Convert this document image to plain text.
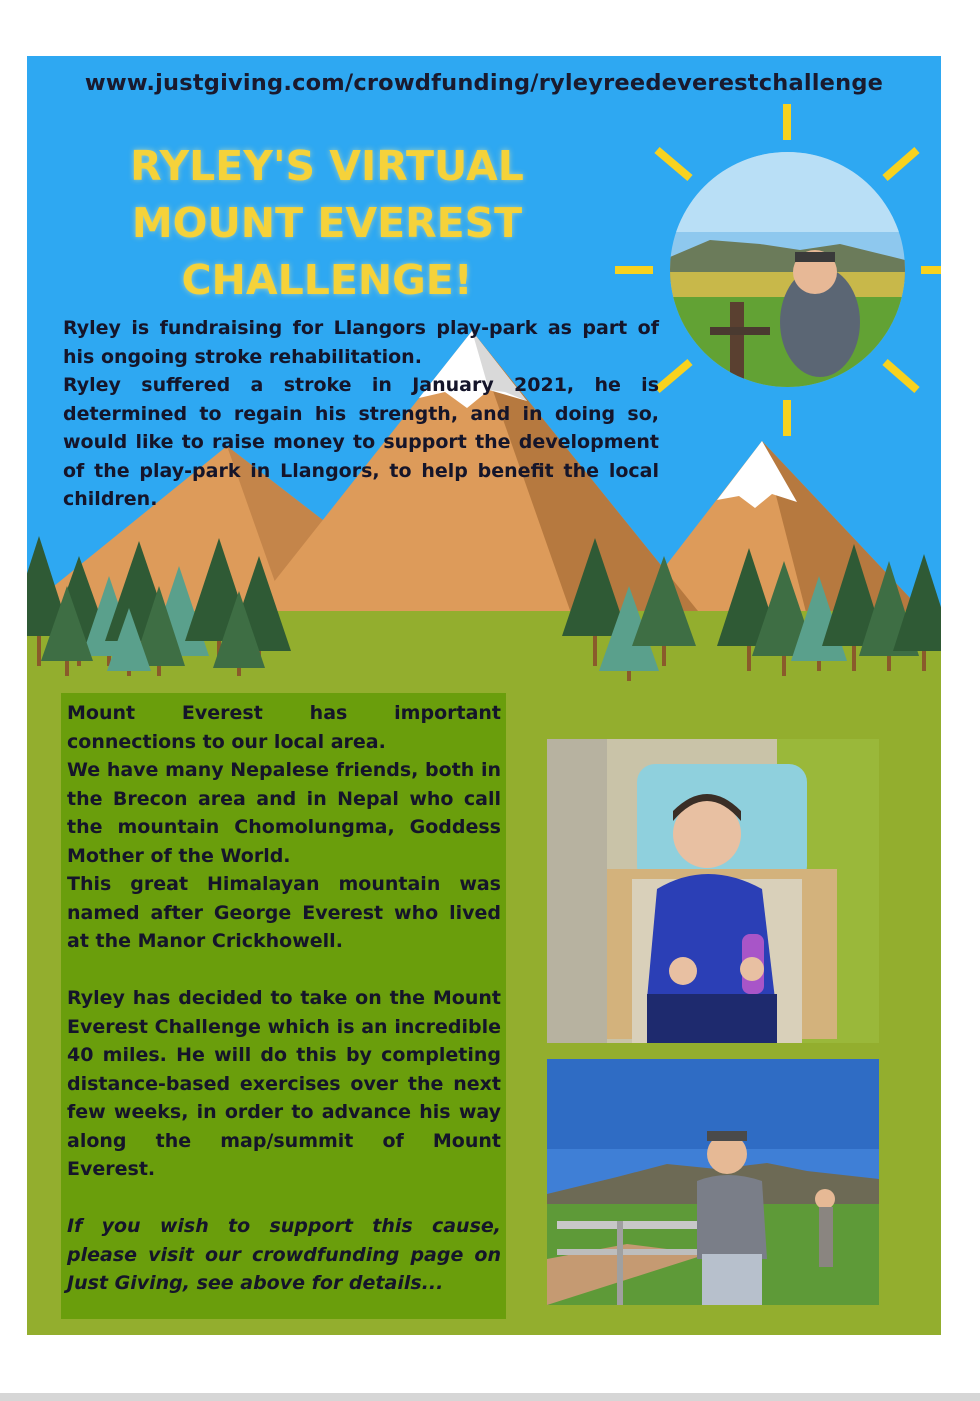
www.justgiving.com/crowdfunding/ryleyreedeverestchallenge
RYLEY'S VIRTUAL
MOUNT EVEREST
CHALLENGE!

Ryley is fundraising for Llangors play-park as part of his ongoing stroke rehabilitation.

Ryley suffered a stroke in January 2021, he is determined to regain his strength, and in doing so, would like to raise money to support the development of the play-park in Llangors, to help benefit the local children.

Mount Everest has important connections to our local area.

We have many Nepalese friends, both in the Brecon area and in Nepal who call the mountain Chomolungma, Goddess Mother of the World.

This great Himalayan mountain was named after George Everest who lived at the Manor Crickhowell.

Ryley has decided to take on the Mount Everest Challenge which is an incredible 40 miles. He will do this by completing distance-based exercises over the next few weeks, in order to advance his way along the map/summit of Mount Everest.

If you wish to support this cause, please visit our crowdfunding page on Just Giving, see above for details...
